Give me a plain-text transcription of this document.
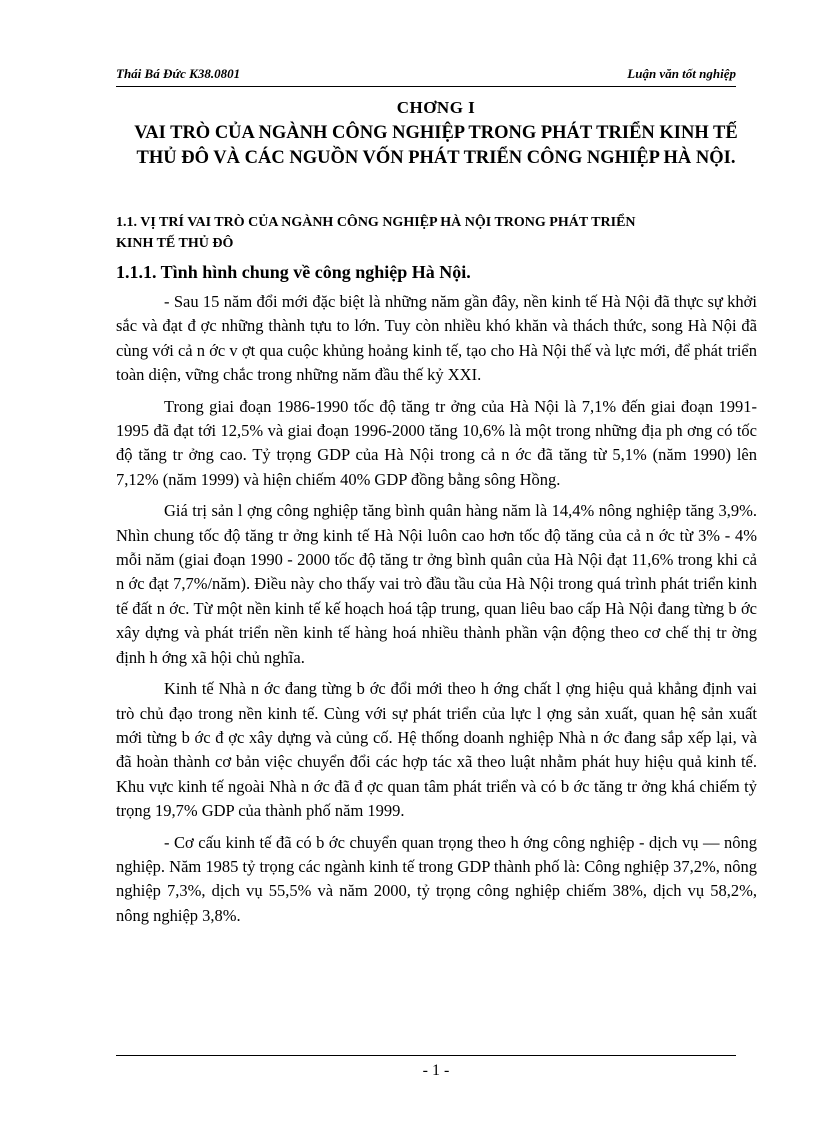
Thái Bá Đức K38.0801	Luận văn tốt nghiệp
CHƠNG I
VAI TRÒ CỦA NGÀNH CÔNG NGHIỆP TRONG PHÁT TRIỂN KINH TẾ
THỦ ĐÔ VÀ CÁC NGUỒN VỐN PHÁT TRIỂN CÔNG NGHIỆP HÀ NỘI.
1.1. VỊ TRÍ VAI TRÒ CỦA NGÀNH CÔNG NGHIỆP HÀ NỘI TRONG PHÁT TRIỂN
KINH TẾ THỦ ĐÔ
1.1.1. Tình hình chung về công nghiệp Hà Nội.

- Sau 15 năm đổi mới đặc biệt là những năm gần đây, nền kinh tế Hà Nội đã thực sự khởi sắc và đạt đ ợc những thành tựu to lớn. Tuy còn nhiều khó khăn và thách thức, song Hà Nội đã cùng với cả n ớc v ợt qua cuộc khủng hoảng kinh tế, tạo cho Hà Nội thế và lực mới, để phát triển toàn diện, vững chắc trong những năm đầu thế kỷ XXI.

Trong giai đoạn 1986-1990 tốc độ tăng tr ởng của Hà Nội là 7,1% đến giai đoạn 1991-1995 đã đạt tới 12,5% và giai đoạn 1996-2000 tăng 10,6% là một trong những địa ph ơng có tốc độ tăng tr ởng cao. Tỷ trọng GDP của Hà Nội trong cả n ớc đã tăng từ 5,1% (năm 1990) lên 7,12% (năm 1999) và hiện chiếm 40% GDP đồng bằng sông Hồng.

Giá trị sản l ợng công nghiệp tăng bình quân hàng năm là 14,4% nông nghiệp tăng 3,9%. Nhìn chung tốc độ tăng tr ởng kinh tế Hà Nội luôn cao hơn tốc độ tăng của cả n ớc từ 3% - 4% mỗi năm (giai đoạn 1990 - 2000 tốc độ tăng tr ởng bình quân của Hà Nội đạt 11,6% trong khi cả n ớc đạt 7,7%/năm). Điều này cho thấy vai trò đầu tầu của Hà Nội trong quá trình phát triển kinh tế đất n ớc. Từ một nền kinh tế kế hoạch hoá tập trung, quan liêu bao cấp Hà Nội đang từng b ớc xây dựng và phát triển nền kinh tế hàng hoá nhiều thành phần vận động theo cơ chế thị tr ờng định h ớng xã hội chủ nghĩa.

Kinh tế Nhà n ớc đang từng b ớc đổi mới theo h ớng chất l ợng hiệu quả khẳng định vai trò chủ đạo trong nền kinh tế. Cùng với sự phát triển của lực l ợng sản xuất, quan hệ sản xuất mới từng b ớc đ ợc xây dựng và củng cố. Hệ thống doanh nghiệp Nhà n ớc đang sắp xếp lại, và đã hoàn thành cơ bản việc chuyển đổi các hợp tác xã theo luật nhằm phát huy hiệu quả kinh tế. Khu vực kinh tế ngoài Nhà n ớc đã đ ợc quan tâm phát triển và có b ớc tăng tr ởng khá chiếm tỷ trọng 19,7% GDP của thành phố năm 1999.

- Cơ cấu kinh tế đã có b ớc chuyển quan trọng theo h ớng công nghiệp - dịch vụ — nông nghiệp. Năm 1985 tỷ trọng các ngành kinh tế trong GDP thành phố là: Công nghiệp 37,2%, nông nghiệp 7,3%, dịch vụ 55,5% và năm 2000, tỷ trọng công nghiệp chiếm 38%, dịch vụ 58,2%, nông nghiệp 3,8%.

- 1 -
